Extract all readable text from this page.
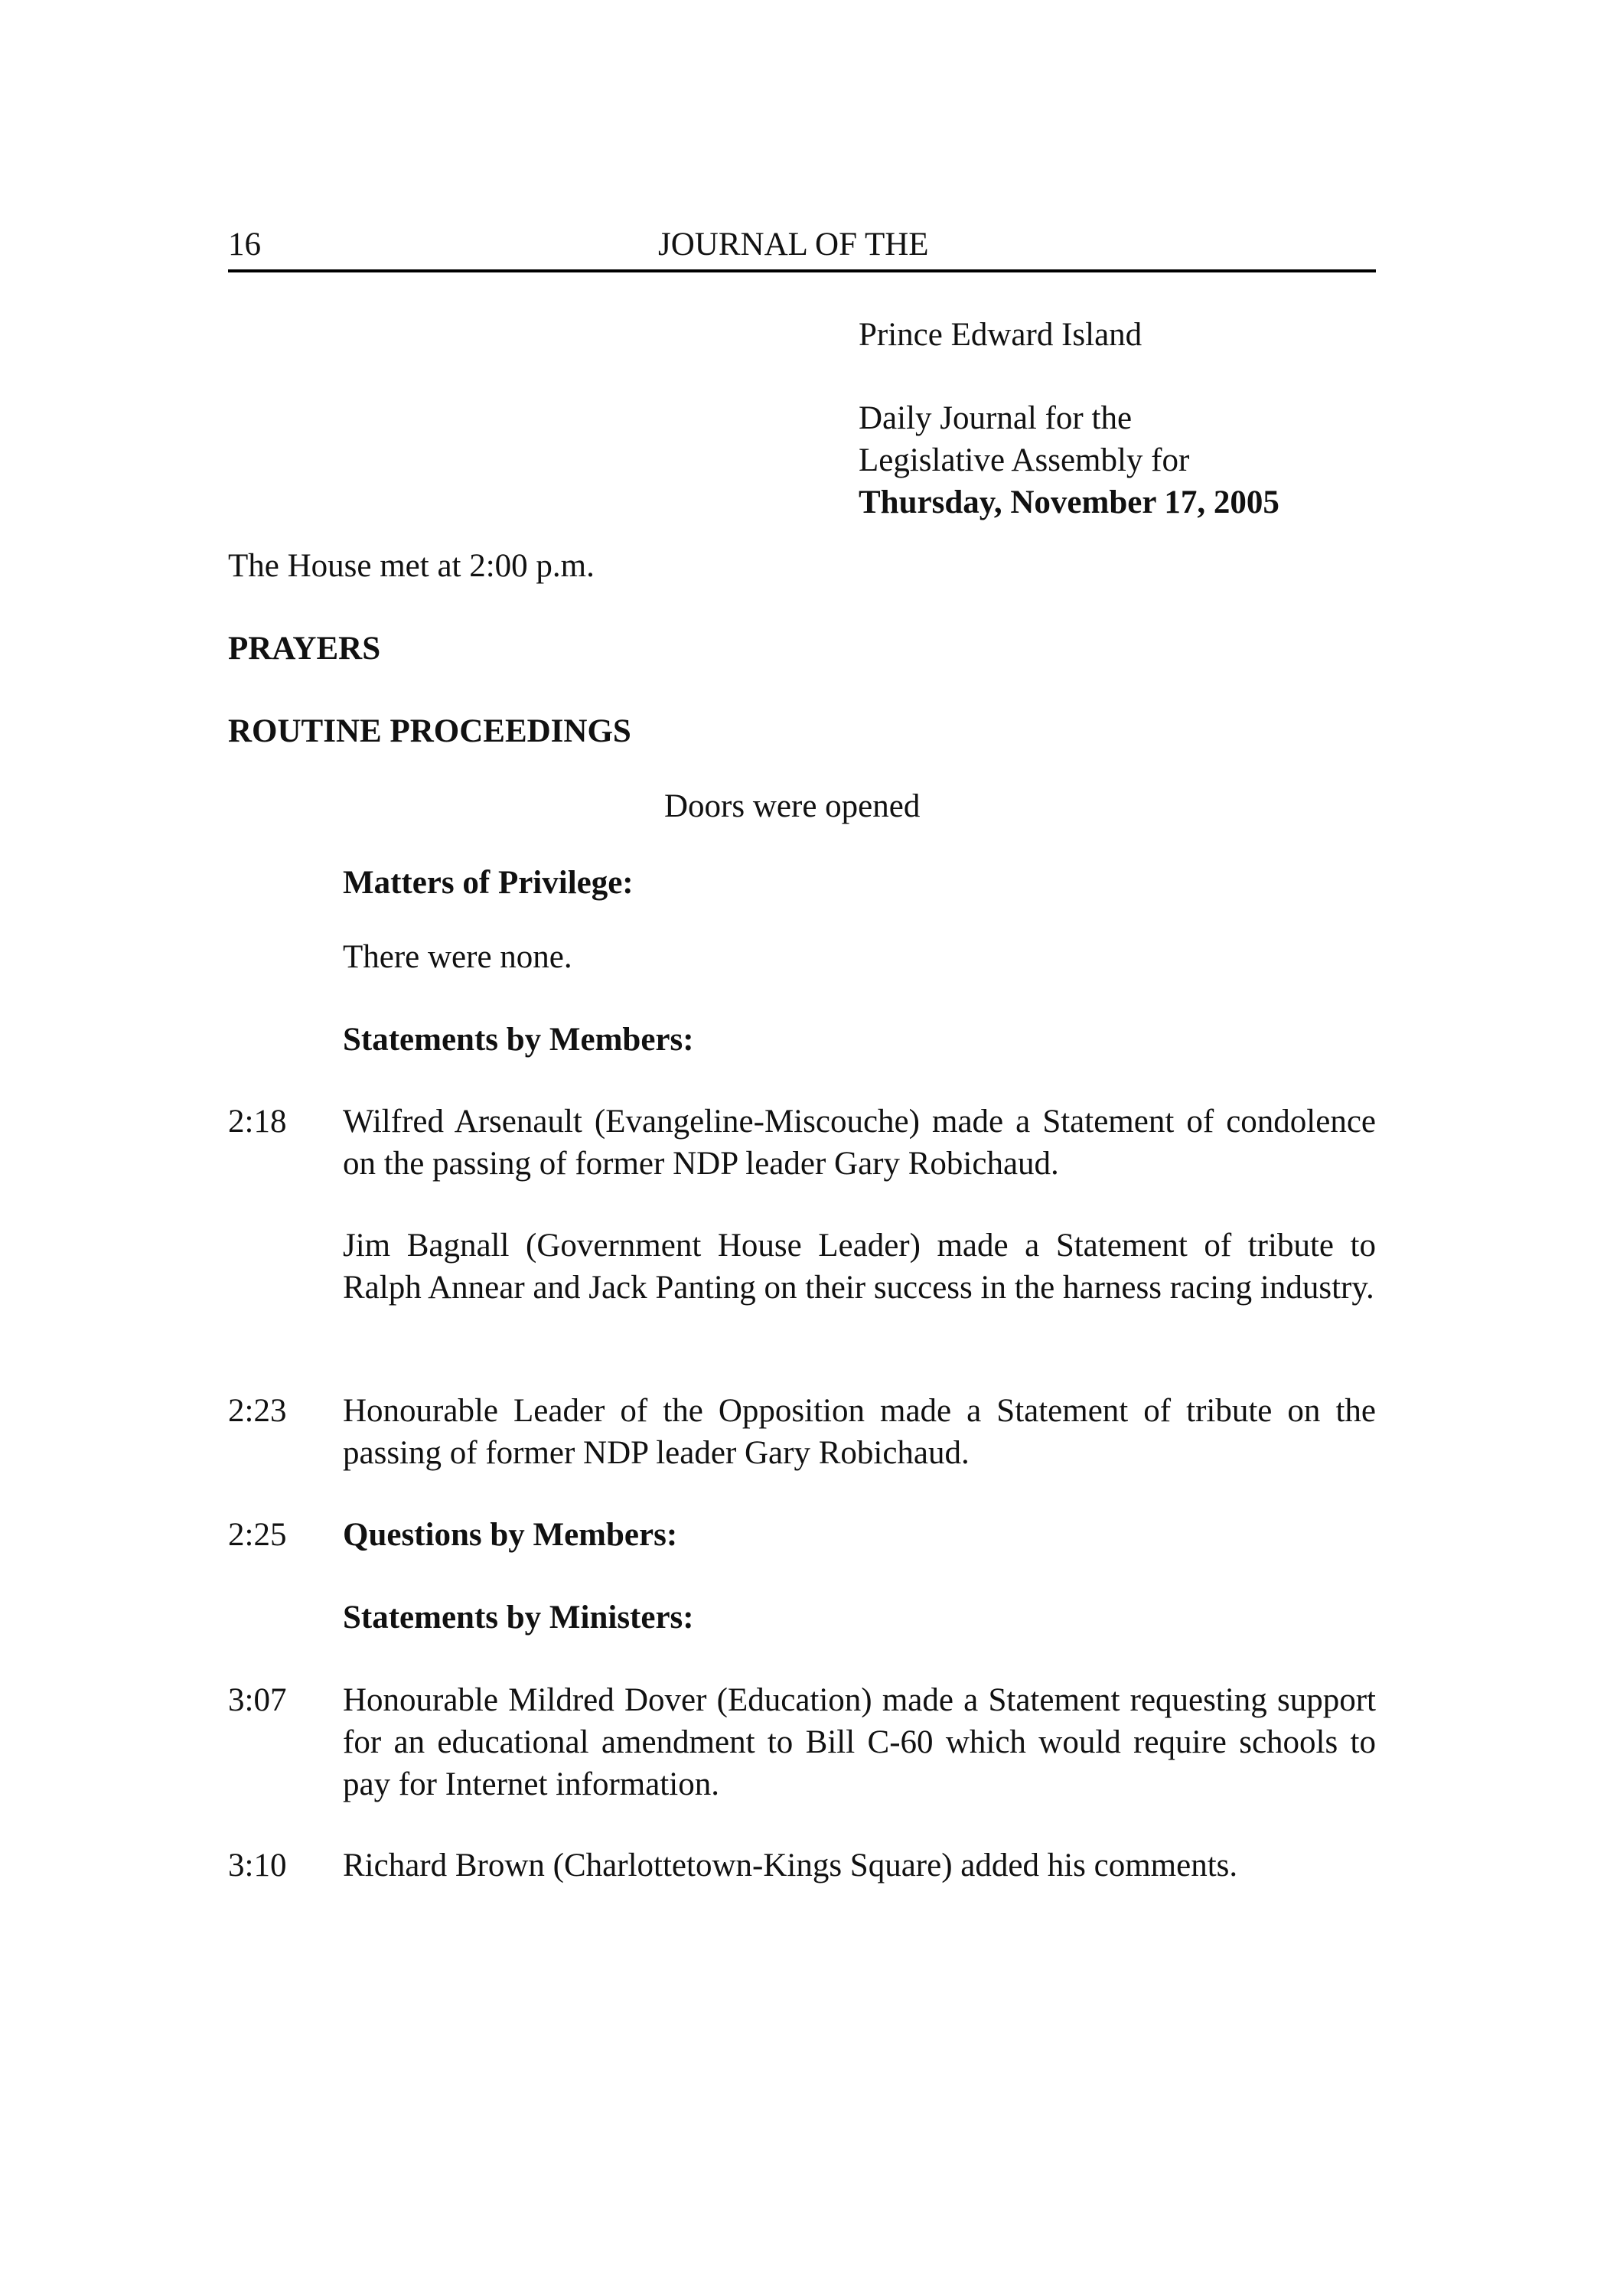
16	JOURNAL OF THE
Prince Edward Island
Daily Journal for the
Legislative Assembly for
Thursday, November 17, 2005
The House met at 2:00 p.m.
PRAYERS
ROUTINE PROCEEDINGS
Doors were opened
Matters of Privilege:
There were none.
Statements by Members:
2:18 Wilfred Arsenault (Evangeline-Miscouche) made a Statement of condolence on the passing of former NDP leader Gary Robichaud.
Jim Bagnall (Government House Leader) made a Statement of tribute to Ralph Annear and Jack Panting on their success in the harness racing industry.
2:23 Honourable Leader of the Opposition made a Statement of tribute on the passing of former NDP leader Gary Robichaud.
2:25 Questions by Members:
Statements by Ministers:
3:07 Honourable Mildred Dover (Education) made a Statement requesting support for an educational amendment to Bill C-60 which would require schools to pay for Internet information.
3:10 Richard Brown (Charlottetown-Kings Square) added his comments.
